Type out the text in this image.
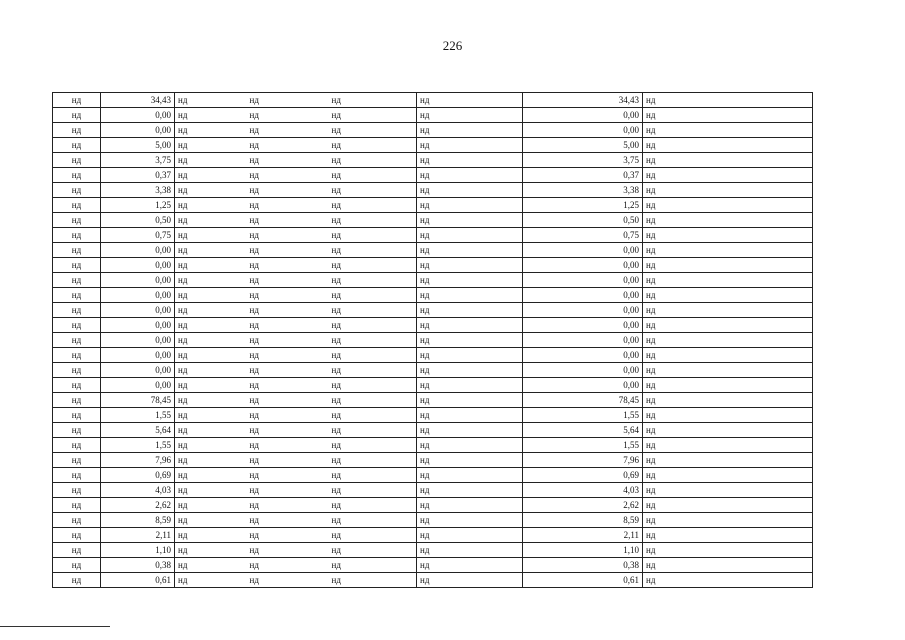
226
нд	34,43	нд	нд	нд	нд	34,43	нд
нд	0,00	нд	нд	нд	нд	0,00	нд
нд	0,00	нд	нд	нд	нд	0,00	нд
нд	5,00	нд	нд	нд	нд	5,00	нд
нд	3,75	нд	нд	нд	нд	3,75	нд
нд	0,37	нд	нд	нд	нд	0,37	нд
нд	3,38	нд	нд	нд	нд	3,38	нд
нд	1,25	нд	нд	нд	нд	1,25	нд
нд	0,50	нд	нд	нд	нд	0,50	нд
нд	0,75	нд	нд	нд	нд	0,75	нд
нд	0,00	нд	нд	нд	нд	0,00	нд
нд	0,00	нд	нд	нд	нд	0,00	нд
нд	0,00	нд	нд	нд	нд	0,00	нд
нд	0,00	нд	нд	нд	нд	0,00	нд
нд	0,00	нд	нд	нд	нд	0,00	нд
нд	0,00	нд	нд	нд	нд	0,00	нд
нд	0,00	нд	нд	нд	нд	0,00	нд
нд	0,00	нд	нд	нд	нд	0,00	нд
нд	0,00	нд	нд	нд	нд	0,00	нд
нд	0,00	нд	нд	нд	нд	0,00	нд
нд	78,45	нд	нд	нд	нд	78,45	нд
нд	1,55	нд	нд	нд	нд	1,55	нд
нд	5,64	нд	нд	нд	нд	5,64	нд
нд	1,55	нд	нд	нд	нд	1,55	нд
нд	7,96	нд	нд	нд	нд	7,96	нд
нд	0,69	нд	нд	нд	нд	0,69	нд
нд	4,03	нд	нд	нд	нд	4,03	нд
нд	2,62	нд	нд	нд	нд	2,62	нд
нд	8,59	нд	нд	нд	нд	8,59	нд
нд	2,11	нд	нд	нд	нд	2,11	нд
нд	1,10	нд	нд	нд	нд	1,10	нд
нд	0,38	нд	нд	нд	нд	0,38	нд
нд	0,61	нд	нд	нд	нд	0,61	нд
